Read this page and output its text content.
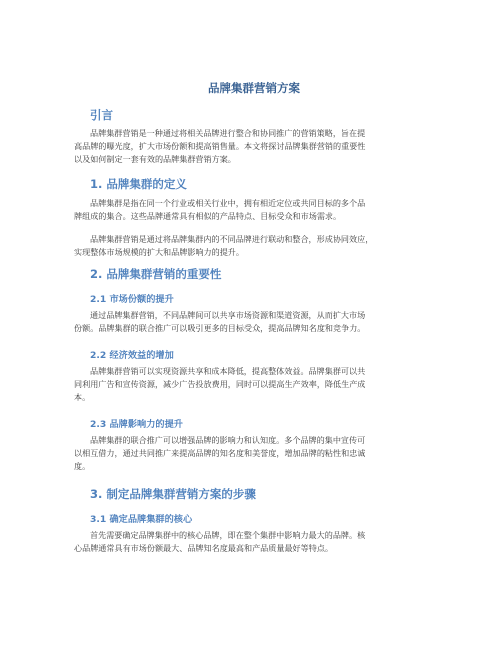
品牌集群营销方案
引言

品牌集群营销是一种通过将相关品牌进行整合和协同推广的营销策略，旨在提
高品牌的曝光度，扩大市场份额和提高销售量。本文将探讨品牌集群营销的重要性
以及如何制定一套有效的品牌集群营销方案。

1. 品牌集群的定义

品牌集群是指在同一个行业或相关行业中，拥有相近定位或共同目标的多个品
牌组成的集合。这些品牌通常具有相似的产品特点、目标受众和市场需求。

品牌集群营销是通过将品牌集群内的不同品牌进行联动和整合，形成协同效应，
实现整体市场规模的扩大和品牌影响力的提升。

2. 品牌集群营销的重要性
2.1 市场份额的提升

通过品牌集群营销，不同品牌间可以共享市场资源和渠道资源，从而扩大市场
份额。品牌集群的联合推广可以吸引更多的目标受众，提高品牌知名度和竞争力。

2.2 经济效益的增加

品牌集群营销可以实现资源共享和成本降低，提高整体效益。品牌集群可以共
同利用广告和宣传资源，减少广告投放费用，同时可以提高生产效率，降低生产成
本。

2.3 品牌影响力的提升

品牌集群的联合推广可以增强品牌的影响力和认知度。多个品牌的集中宣传可
以相互借力，通过共同推广来提高品牌的知名度和美誉度，增加品牌的粘性和忠诚
度。

3. 制定品牌集群营销方案的步骤
3.1 确定品牌集群的核心

首先需要确定品牌集群中的核心品牌，即在整个集群中影响力最大的品牌。核
心品牌通常具有市场份额最大、品牌知名度最高和产品质量最好等特点。
